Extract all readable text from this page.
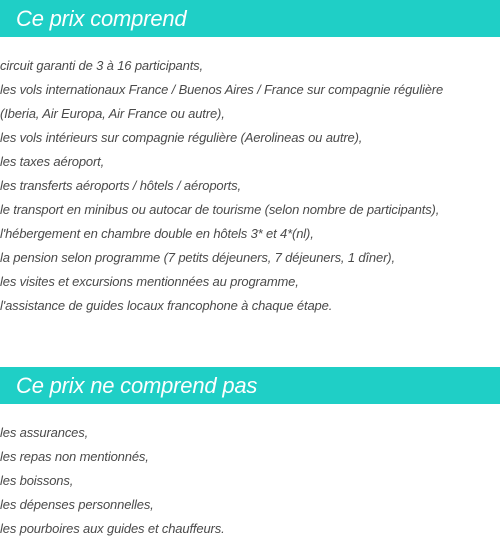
Ce prix comprend
circuit garanti de 3 à 16 participants,
les vols internationaux France / Buenos Aires / France sur compagnie régulière
(Iberia, Air Europa, Air France ou autre),
les vols intérieurs sur compagnie régulière (Aerolineas ou autre),
les taxes aéroport,
les transferts aéroports / hôtels / aéroports,
le transport en minibus ou autocar de tourisme (selon nombre de participants),
l'hébergement en chambre double en hôtels 3* et 4*(nl),
la pension selon programme (7 petits déjeuners, 7 déjeuners, 1 dîner),
les visites et excursions mentionnées au programme,
l'assistance de guides locaux francophone à chaque étape.
Ce prix ne comprend pas
les assurances,
les repas non mentionnés,
les boissons,
les dépenses personnelles,
les pourboires aux guides et chauffeurs.
